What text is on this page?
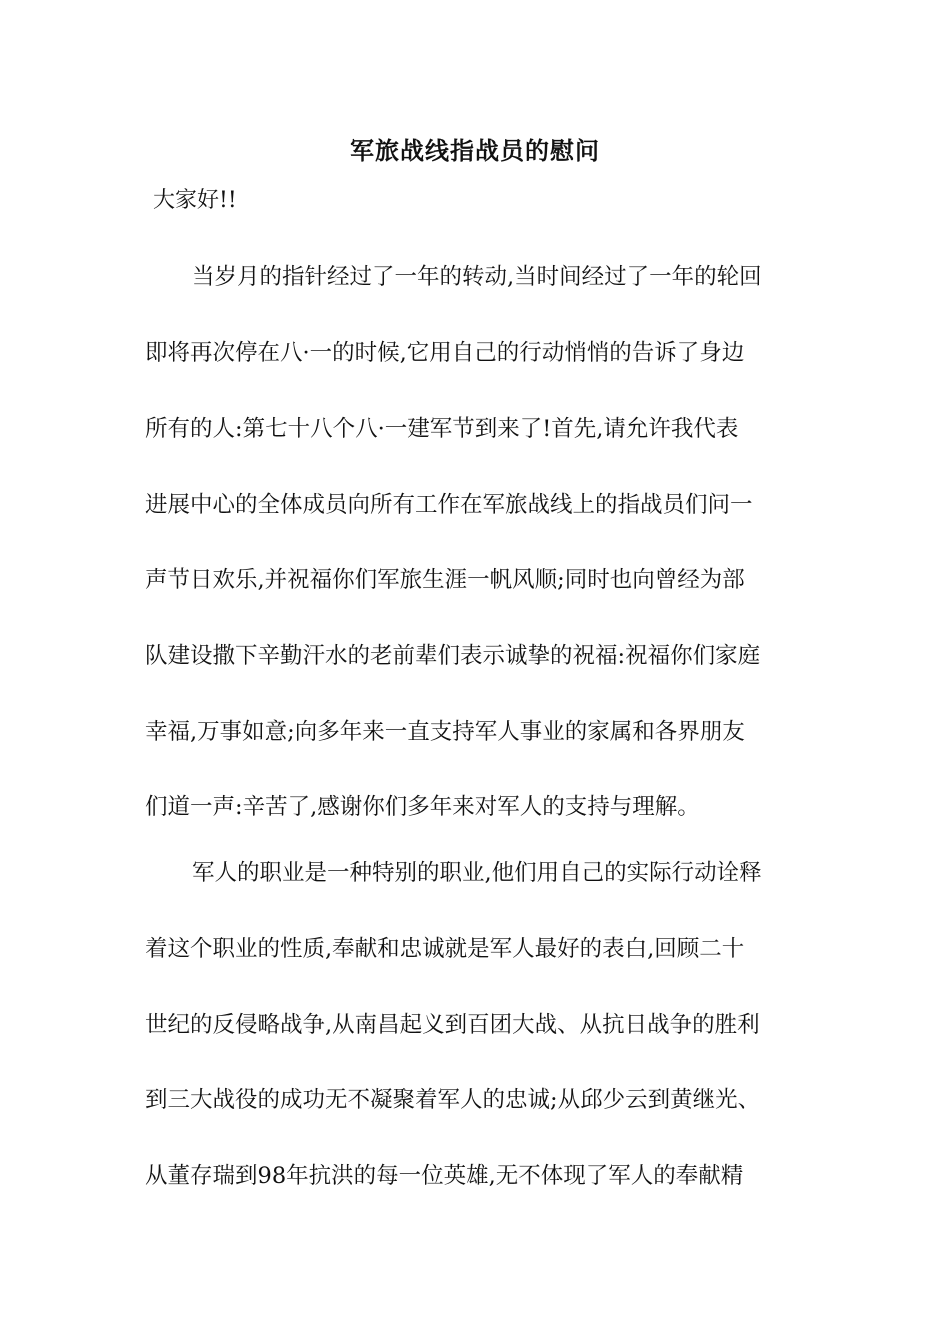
军旅战线指战员的慰问
大家好!!
当岁月的指针经过了一年的转动,当时间经过了一年的轮回
即将再次停在八·一的时候,它用自己的行动悄悄的告诉了身边
所有的人:第七十八个八·一建军节到来了!首先,请允许我代表
进展中心的全体成员向所有工作在军旅战线上的指战员们问一
声节日欢乐,并祝福你们军旅生涯一帆风顺;同时也向曾经为部
队建设撒下辛勤汗水的老前辈们表示诚挚的祝福:祝福你们家庭
幸福,万事如意;向多年来一直支持军人事业的家属和各界朋友
们道一声:辛苦了,感谢你们多年来对军人的支持与理解。
军人的职业是一种特别的职业,他们用自己的实际行动诠释
着这个职业的性质,奉献和忠诚就是军人最好的表白,回顾二十
世纪的反侵略战争,从南昌起义到百团大战、从抗日战争的胜利
到三大战役的成功无不凝聚着军人的忠诚;从邱少云到黄继光、
从董存瑞到98年抗洪的每一位英雄,无不体现了军人的奉献精
